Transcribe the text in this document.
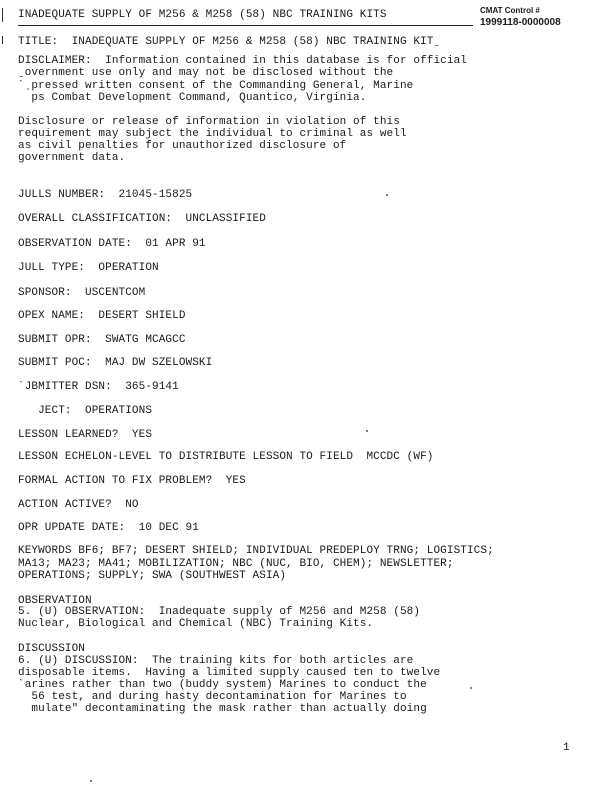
INADEQUATE SUPPLY OF M256 & M258 (58) NBC TRAINING KITS	CMAT Control #
1999118-0000008
TITLE:  INADEQUATE SUPPLY OF M256 & M258 (58) NBC TRAINING KITˍ
DISCLAIMER:  Information contained in this database is for official
ˍovernment use only and may not be disclosed without the
ˋˎpressed written consent of the Commanding General, Marine
ps Combat Development Command, Quantico, Virginia.
Disclosure or release of information in violation of this
requirement may subject the individual to criminal as well
as civil penalties for unauthorized disclosure of
government data.
JULLS NUMBER:  21045-15825
OVERALL CLASSIFICATION:  UNCLASSIFIED
OBSERVATION DATE:  01 APR 91
JULL TYPE:  OPERATION
SPONSOR:  USCENTCOM
OPEX NAME:  DESERT SHIELD
SUBMIT OPR:  SWATG MCAGCC
SUBMIT POC:  MAJ DW SZELOWSKI
ˋJBMITTER DSN:  365-9141
JECT:  OPERATIONS
LESSON LEARNED?  YES
LESSON ECHELON-LEVEL TO DISTRIBUTE LESSON TO FIELD  MCCDC (WF)
FORMAL ACTION TO FIX PROBLEM?  YES
ACTION ACTIVE?  NO
OPR UPDATE DATE:  10 DEC 91
KEYWORDS BF6; BF7; DESERT SHIELD; INDIVIDUAL PREDEPLOY TRNG; LOGISTICS;
MA13; MA23; MA41; MOBILIZATION; NBC (NUC, BIO, CHEM); NEWSLETTER;
OPERATIONS; SUPPLY; SWA (SOUTHWEST ASIA)
OBSERVATION
5. (U) OBSERVATION:  Inadequate supply of M256 and M258 (58)
Nuclear, Biological and Chemical (NBC) Training Kits.
DISCUSSION
6. (U) DISCUSSION:  The training kits for both articles are
disposable items.  Having a limited supply caused ten to twelve
ˋarines rather than two (buddy system) Marines to conduct the
56 test, and during hasty decontamination for Marines to
mulate" decontaminating the mask rather than actually doing
1
